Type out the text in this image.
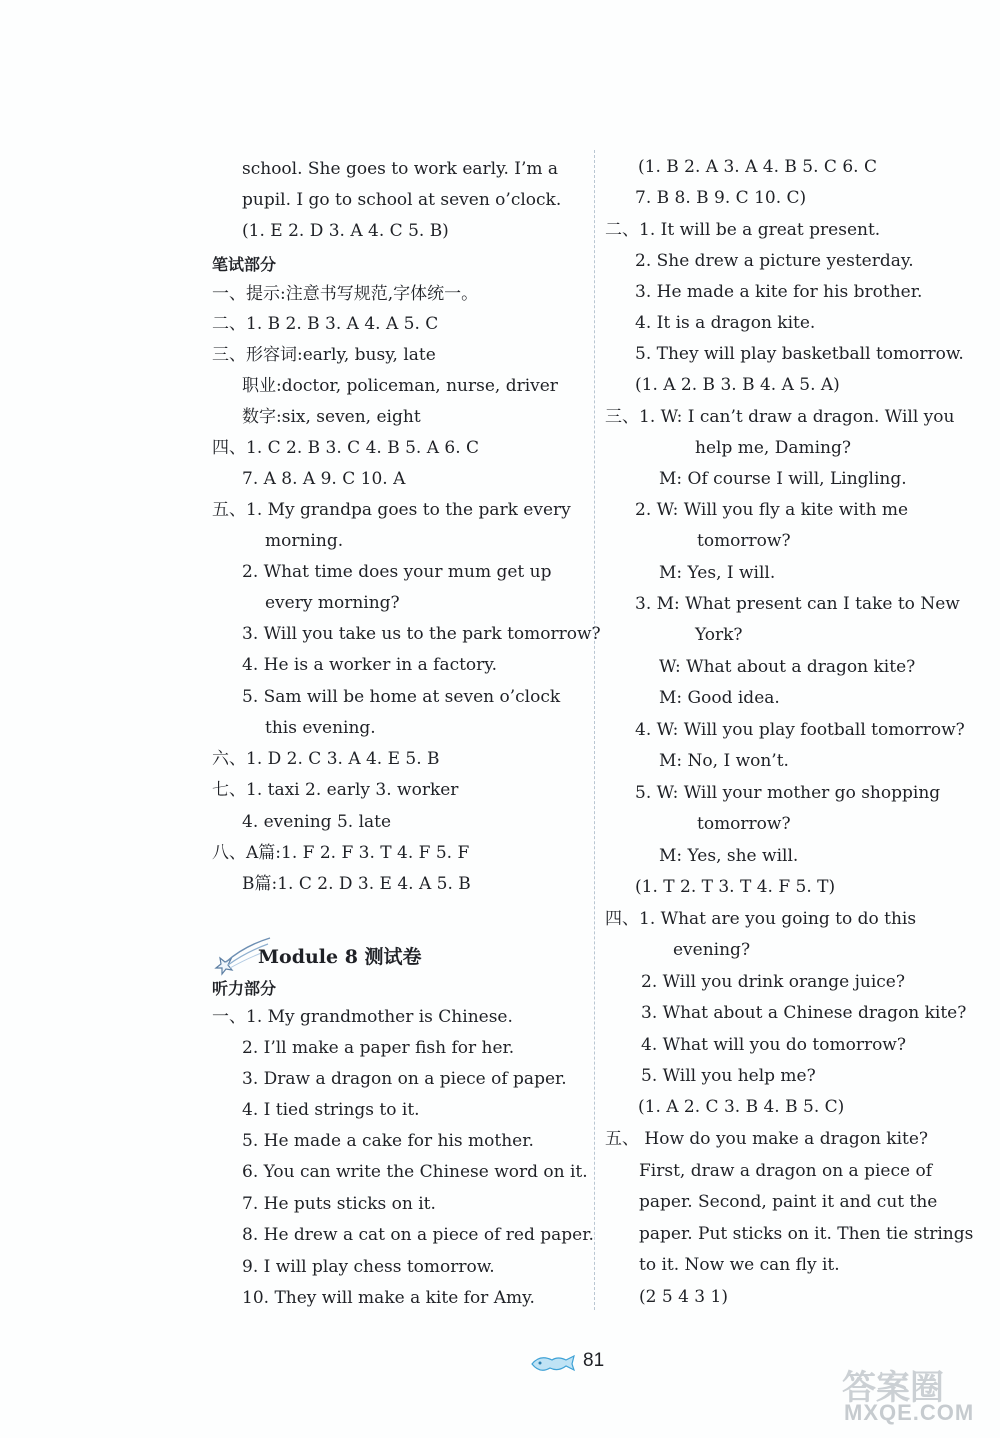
school. She goes to work early. I’m a
pupil. I go to school at seven o’clock.
(1. E 2. D 3. A 4. C 5. B)
笔试部分
一、提示:注意书写规范,字体统一。
二、1. B 2. B 3. A 4. A 5. C
三、形容词:early, busy, late
职业:doctor, policeman, nurse, driver
数字:six, seven, eight
四、1. C 2. B 3. C 4. B 5. A 6. C
7. A 8. A 9. C 10. A
五、1. My grandpa goes to the park every
morning.
2. What time does your mum get up
every morning?
3. Will you take us to the park tomorrow?
4. He is a worker in a factory.
5. Sam will be home at seven o’clock
this evening.
六、1. D 2. C 3. A 4. E 5. B
七、1. taxi 2. early 3. worker
4. evening 5. late
八、A篇:1. F 2. F 3. T 4. F 5. F
B篇:1. C 2. D 3. E 4. A 5. B
听力部分
一、1. My grandmother is Chinese.
2. I’ll make a paper fish for her.
3. Draw a dragon on a piece of paper.
4. I tied strings to it.
5. He made a cake for his mother.
6. You can write the Chinese word on it.
7. He puts sticks on it.
8. He drew a cat on a piece of red paper.
9. I will play chess tomorrow.
10. They will make a kite for Amy.
Module 8 测试卷
(1. B 2. A 3. A 4. B 5. C 6. C
7. B 8. B 9. C 10. C)
二、1. It will be a great present.
2. She drew a picture yesterday.
3. He made a kite for his brother.
4. It is a dragon kite.
5. They will play basketball tomorrow.
(1. A 2. B 3. B 4. A 5. A)
三、1. W: I can’t draw a dragon. Will you
help me, Daming?
M: Of course I will, Lingling.
2. W: Will you fly a kite with me
tomorrow?
M: Yes, I will.
3. M: What present can I take to New
York?
W: What about a dragon kite?
M: Good idea.
4. W: Will you play football tomorrow?
M: No, I won’t.
5. W: Will your mother go shopping
tomorrow?
M: Yes, she will.
(1. T 2. T 3. T 4. F 5. T)
四、1. What are you going to do this
evening?
2. Will you drink orange juice?
3. What about a Chinese dragon kite?
4. What will you do tomorrow?
5. Will you help me?
(1. A 2. C 3. B 4. B 5. C)
五、 How do you make a dragon kite?
First, draw a dragon on a piece of
paper. Second, paint it and cut the
paper. Put sticks on it. Then tie strings
to it. Now we can fly it.
(2 5 4 3 1)
81
答案圈
MXQE.COM
